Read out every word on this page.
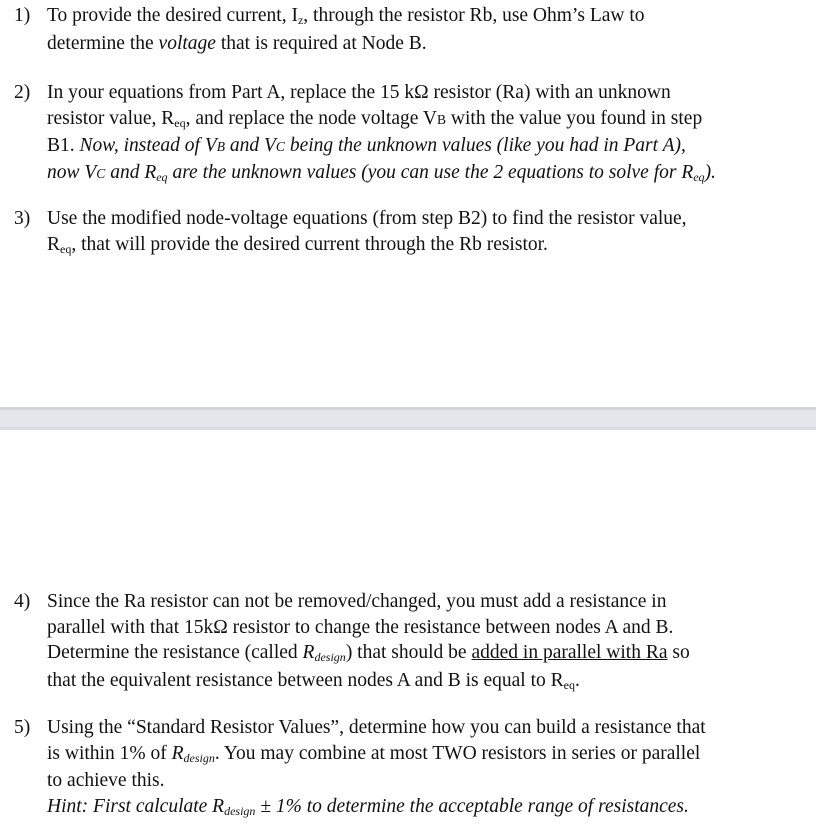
1) To provide the desired current, $I_z$, through the resistor Rb, use Ohm’s Law to
determine the voltage that is required at Node B.
2) In your equations from Part A, replace the 15 kΩ resistor (Ra) with an unknown
resistor value, $R_{eq}$, and replace the node voltage VB with the value you found in step
B1. Now, instead of VB and VC being the unknown values (like you had in Part A),
now VC and $R_{eq}$ are the unknown values (you can use the 2 equations to solve for $R_{eq}$).
3) Use the modified node-voltage equations (from step B2) to find the resistor value,
$R_{eq}$, that will provide the desired current through the Rb resistor.
4) Since the Ra resistor can not be removed/changed, you must add a resistance in
parallel with that 15kΩ resistor to change the resistance between nodes A and B.
Determine the resistance (called $R_{design}$) that should be added in parallel with Ra so
that the equivalent resistance between nodes A and B is equal to $R_{eq}$.
5) Using the “Standard Resistor Values”, determine how you can build a resistance that
is within 1% of $R_{design}$. You may combine at most TWO resistors in series or parallel
to achieve this.
Hint: First calculate $R_{design} \pm 1\%$ to determine the acceptable range of resistances.
